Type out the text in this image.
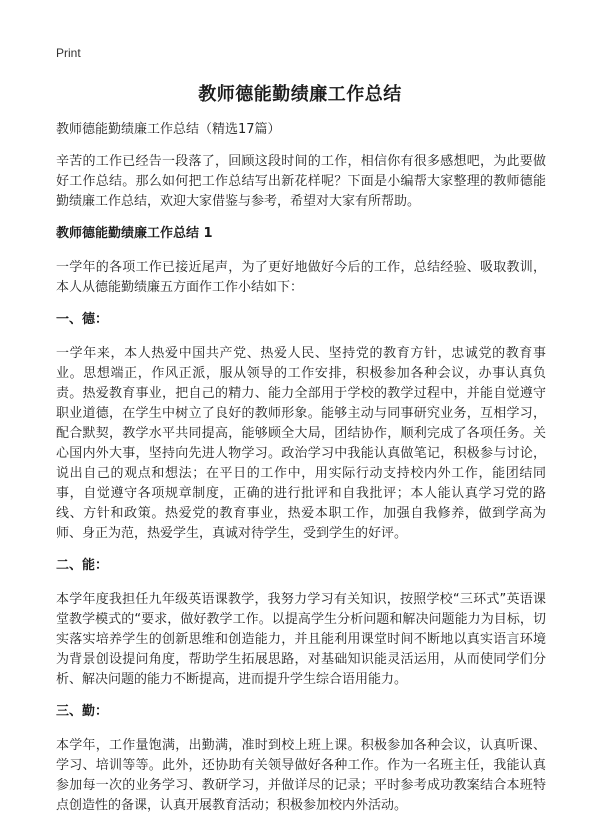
Print
教师德能勤绩廉工作总结
教师德能勤绩廉工作总结（精选17篇）

辛苦的工作已经告一段落了，回顾这段时间的工作，相信你有很多感想吧，为此要做好工作总结。那么如何把工作总结写出新花样呢？下面是小编帮大家整理的教师德能勤绩廉工作总结，欢迎大家借鉴与参考，希望对大家有所帮助。

教师德能勤绩廉工作总结 1

一学年的各项工作已接近尾声，为了更好地做好今后的工作，总结经验、吸取教训，本人从德能勤绩廉五方面作工作小结如下：

一、德：

一学年来，本人热爱中国共产党、热爱人民、坚持党的教育方针，忠诚党的教育事业。思想端正，作风正派，服从领导的工作安排，积极参加各种会议，办事认真负责。热爱教育事业，把自己的精力、能力全部用于学校的教学过程中，并能自觉遵守职业道德，在学生中树立了良好的教师形象。能够主动与同事研究业务，互相学习，配合默契，教学水平共同提高，能够顾全大局，团结协作，顺利完成了各项任务。关心国内外大事，坚持向先进人物学习。政治学习中我能认真做笔记，积极参与讨论，说出自己的观点和想法；在平日的工作中，用实际行动支持校内外工作，能团结同事，自觉遵守各项规章制度，正确的进行批评和自我批评；本人能认真学习党的路线、方针和政策。热爱党的教育事业，热爱本职工作，加强自我修养，做到学高为师、身正为范，热爱学生，真诚对待学生，受到学生的好评。

二、能：

本学年度我担任九年级英语课教学，我努力学习有关知识，按照学校“三环式”英语课堂教学模式的“要求，做好教学工作。以提高学生分析问题和解决问题能力为目标，切实落实培养学生的创新思维和创造能力，并且能利用课堂时间不断地以真实语言环境为背景创设提问角度，帮助学生拓展思路，对基础知识能灵活运用，从而使同学们分析、解决问题的能力不断提高，进而提升学生综合语用能力。

三、勤：

本学年，工作量饱满，出勤满，准时到校上班上课。积极参加各种会议，认真听课、学习、培训等等。此外，还协助有关领导做好各种工作。作为一名班主任，我能认真参加每一次的业务学习、教研学习，并做详尽的记录；平时参考成功教案结合本班特点创造性的备课，认真开展教育活动；积极参加校内外活动。
